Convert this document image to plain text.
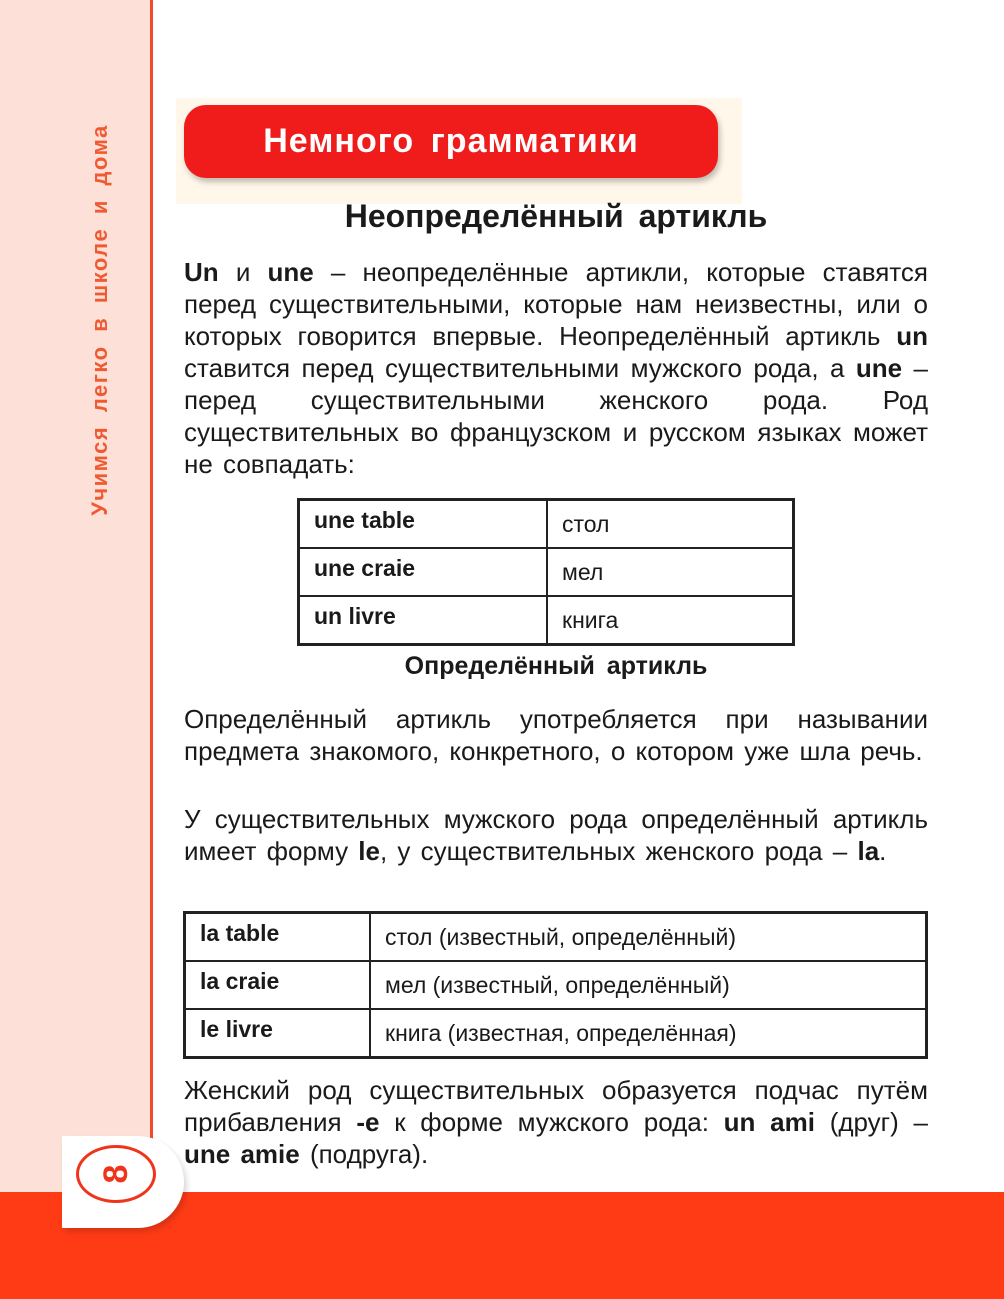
Учимся легко в школе и дома
8
Немного грамматики
Неопределённый артикль
Un и une – неопределённые артикли, которые ставятся перед существительными, которые нам неизвестны, или о которых говорится впервые. Неопределённый артикль un ставится перед существительными мужского рода, а une – перед существительными женского рода. Род существительных во французском и русском языках может не совпадать:
une table	стол
une craie	мел
un livre	книга
Определённый артикль
Определённый артикль употребляется при назывании предмета знакомого, конкретного, о котором уже шла речь.
У существительных мужского рода определённый артикль имеет форму le, у существительных женского рода – la.
la table	стол (известный, определённый)
la craie	мел (известный, определённый)
le livre	книга (известная, определённая)
Женский род существительных образуется подчас путём прибавления -e к форме мужского рода: un ami (друг) – une amie (подруга).
